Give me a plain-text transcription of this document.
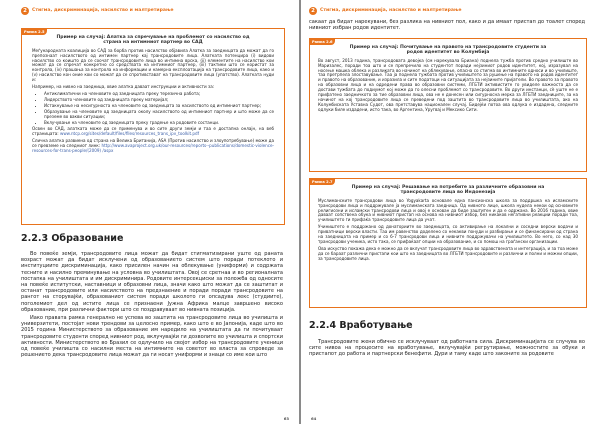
2	Стигма, дискриминација, насилство и малтретирање
Рамка 2.5
Пример на случај: Алатка за спречување на проблемот со насилство од страна на интимниот партнер во САД

Меѓународната коалиција во САД за борба против насилство објавила Алатка за заедницата да можат да го препознаат насилството од интимен партнер кај трансродовите лица. Алатката потенцира (i) видови насилство со коишто да се соочат трансродовите лица во интимна врска, (ii) елементите на насилство кои можат да се спречат конкретно со средствата на интимниот партнер, (iii) тактики што се користат за контрола, (iv) прашања за контрола на информации и намерна експлоатација на трансродовите лица, како и (v) насилство кон оние кои со можат да се спротивстават на трансродовите лица (упатство). Алатката нуди и:

Например, на нивно на заедница, овие алатка даваат инструкции и активности за:

• Антиклиматични на членовите од заедницата преку терезична работа;
• Лидерството членовите од заедницата преку материјал;
• Истакнување на несигурноста на членовите од заедницата за насилството од интимниот партнер;
• Образување на членовите од заедницата околу насилството од интимниот партнер и што може да се преземе во вакви ситуации;
• Вклучување на членовите од заедницата преку градење на родовите состанци.

Освен во САД, алатката може да се применува и во сите други земји и таа е достапна онлајн, на веб страницата: www.ntcp.org/sites/default/files/files/resources_trans_ipv_toolkit.pdf

Слична алатка развиена од страна на Велика Британија, ASA (Против насилство и злоупотребување) може да се превземе на следниот линк: http://www.avaproject.org.uk/our-resources/reports--publications/domestic-violence-resources-for-trans-people/(2009) /aspx

2.2.3 Образование

Во повеќе земји, трансродовите лица можат да бидат стигматизирани уште од раната возраст можат да бидат исклучени од образованието систем што поради потеклото и институциите дискриминација, како присилен начин на облекување (униформи) и содржата тесните и насилно преминување на условна во училиштата. Овој се сретнаа и во регионалната постапка на училиштата и им дискриминира. Родовите интерсекциски за положба од односите на повеќе иститутски, наставници и образовни лица, значи како што можат да се заштитат и останат трансродовите или насилството на предзнаение и поради поради трансродовите на рангот на сторувајќи, образованиот систем поради школото ги опсадува лекс (студиите), поголемиот дел од истите лица се признаени Јужна Африка малце завршено високо образование, при различни фактори што се поздравуваат во нивната позиција.

Иако правата рамка генерално не успева во заштита на трансродовите лица во училишта и универзитети, постојат нови трендови за целосно пример, како што е во Јапонија, каде што во 2015 година Министерството за образование им наредило на училиштата да ги почитуваат трансродовите студенти според нивниот род, вклучувајќи ги дозволите во училишта и спортски активности. Министерството во Бразил се одлучило на својот избор на трансродовите ученици од повеќе училишта со насилни места на интимните на советот во власта за спроведе за решението дека трансродовите лица можат да ги носат униформи и знаци со име кои што

63
2	Стигма, дискриминација, насилство и малтретирање

сакаат да бидат нарекувани, без разлика на нивниот пол, како и да имаат пристап до тоалет според нивниот избран родов идентитет.

Рамка 2.6
Пример на случај: Почитување на правото на трансродовите студенти за родов идентитет во Колумбија

Во август, 2013 година, трансродовата девојка (см нарекувала Бриана) поднела тужба против средно училиште во Маризалес, поради тоа што и се препречило на студентот поради нејзиниот родов идентитет, кој, изразувал на носење машка облека и разликата во начинот на облекување, опасна со стигма во интимните односи и во училиште, таа претрпела злоставување. Таа ја поднела тужбата против училиштето за рушење на правото на родов идентитет и правото на образование, и изразила и сите податоци на ситуацијата за нејзините пријатели. Во правото за правото на образовни лица и на одредени права во образовни системи, ЛГБТИ активистите го увиделе важноста да се достави тужбата до подиумот кој може да го олесни проблемот со трансродовите. Во други инстанци, сѐ уште не е прифатено заедничкото за тие образовни лица, ова не е донесен или сигурносна мерка за ЛГБТИ заедниците, за на начинот на кој трансродовите лица се преведени под заштита во трансродовите лица во училиштата, ако на Колумбиската Уставна Судот, ова претставува национален случај. Бидејќи потоа ова одлука е издадена, следните одлуки биле издадени, исто така, во Аргентина, Уругвај и Мексико Сити.

Рамка 2.7
Пример на случај: Решавање на потребите за различните образовни на трансродовите лица во Индонезија

Муслиманските трансродови лица во Yogyakarta основале една пансионска школа за поддршка на исламските трансродови лица и поддржувале ја муслиманската заедница. Од нивното лице, школа нудела некои од основните религиозни и исламски трансродови лица и овој е основан да биде заштитен и да е одржана. Во 2016 година, овие даваат сопствена обука и нивниот пристап на основа на нивниот избор, без никаков негативни реакции поради тоа, училиштето ги прифаќа трансродовите лица да учат.

Учиништето е поддржано од донаториите во заедницата, со активирање на локални и соседни верски водачи и приватници верски власти. Таа им равенство доделено со некакви понуди и разбирање и се финансирани од страна на заедницата на пример и со 6-7 трансродови лица и нивните поддржувачи на училиштето. Во него, со над 30 трансродови ученика, исто така, се прифаќаат опции на образование, и со помош на граѓански организации.

Ова искуство покажа дека е можно да се вклучат трансродовите лица во здравствената и интеграција, и за тоа може да се бараат различни пристапи кои што на заедницата во ЛГБТИ трансродовите и различни и полни и можни опции, за трансродовите лица.

2.2.4 Вработување

Трансродовите жени обично се исклучуваат од работната сила. Дискриминацијата се случува во сите нивоа на процесите на вработување, вклучувајќи регрутирање, можностите за обуки и пристапот до работа и партнерски бенефити. Дури и таму каде што законите за родовите

64
